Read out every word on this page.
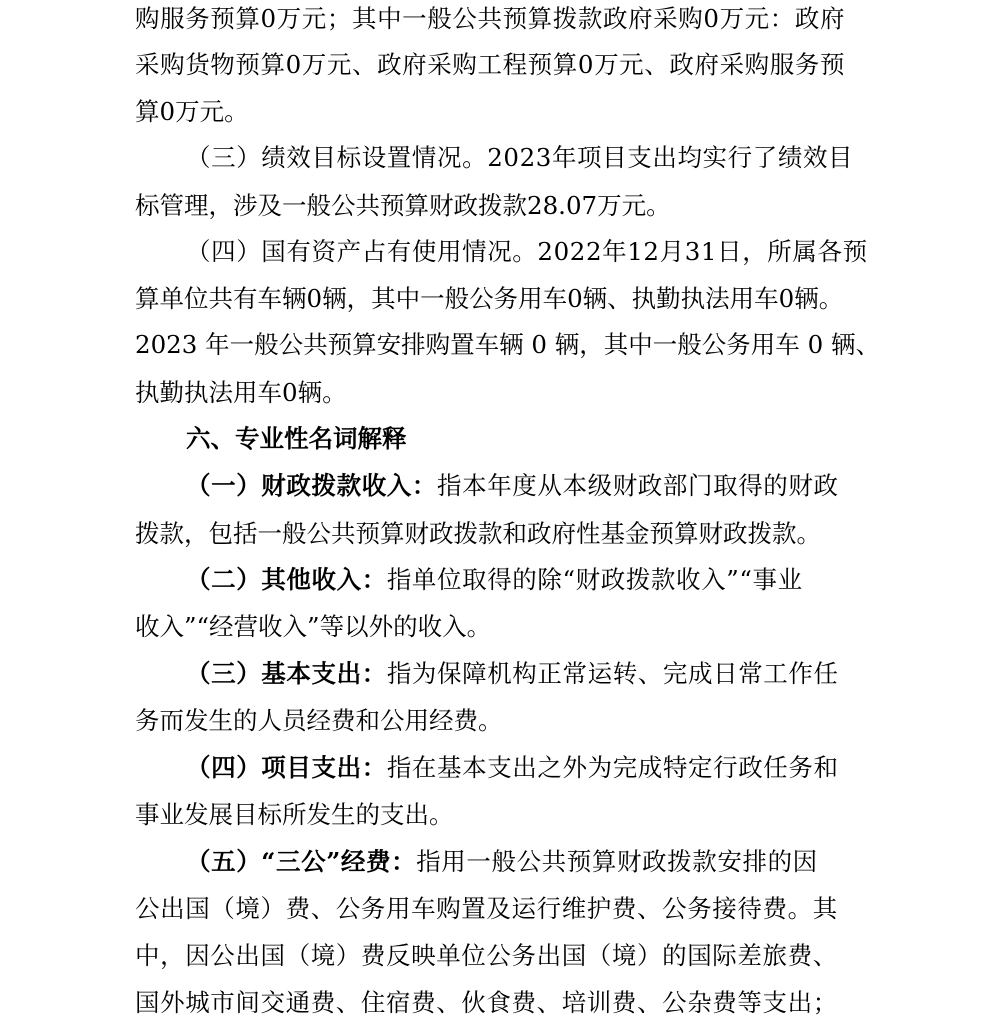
购服务预算0万元；其中一般公共预算拨款政府采购0万元：政府

采购货物预算0万元、政府采购工程预算0万元、政府采购服务预

算0万元。

（三）绩效目标设置情况。2023年项目支出均实行了绩效目

标管理，涉及一般公共预算财政拨款28.07万元。

（四）国有资产占有使用情况。2022年12月31日，所属各预

算单位共有车辆0辆，其中一般公务用车0辆、执勤执法用车0辆。

2023 年一般公共预算安排购置车辆 0 辆，其中一般公务用车 0 辆、

执勤执法用车0辆。

六、专业性名词解释

（一）财政拨款收入：指本年度从本级财政部门取得的财政

拨款，包括一般公共预算财政拨款和政府性基金预算财政拨款。

（二）其他收入：指单位取得的除“财政拨款收入”“事业

收入”“经营收入”等以外的收入。

（三）基本支出：指为保障机构正常运转、完成日常工作任

务而发生的人员经费和公用经费。

（四）项目支出：指在基本支出之外为完成特定行政任务和

事业发展目标所发生的支出。

（五）“三公”经费：指用一般公共预算财政拨款安排的因

公出国（境）费、公务用车购置及运行维护费、公务接待费。其

中，因公出国（境）费反映单位公务出国（境）的国际差旅费、

国外城市间交通费、住宿费、伙食费、培训费、公杂费等支出；
